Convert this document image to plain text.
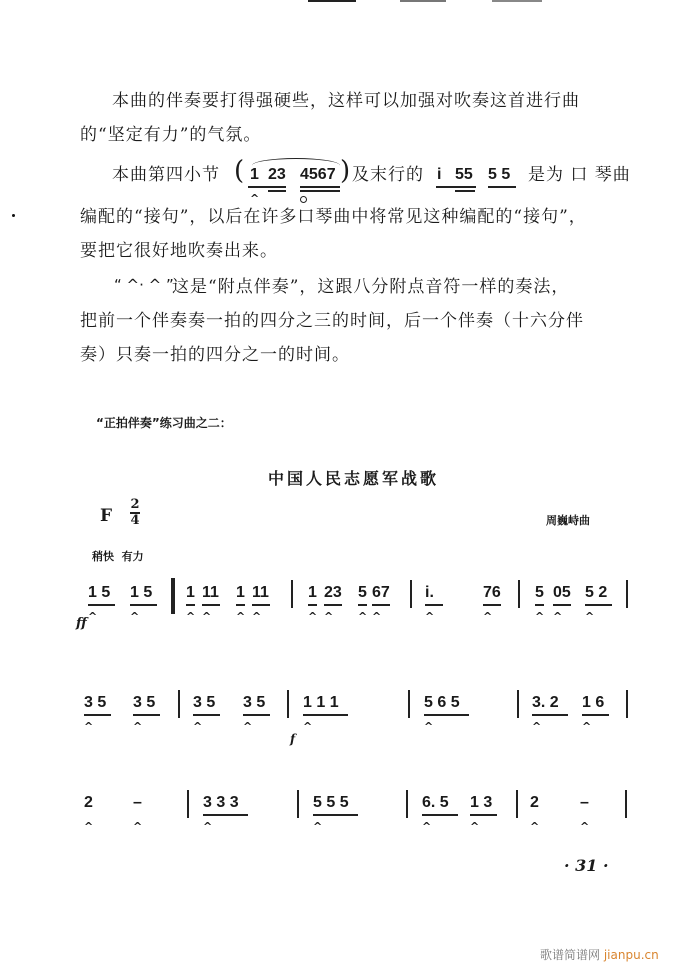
本曲的伴奏要打得强硬些，这样可以加强对吹奏这首进行曲
的“坚定有力”的气氛。
本曲第四小节 ( 1 23 4567
^
) 及末行的 i 55 5 5 是为 口 琴曲
编配的“接句”，以后在许多口琴曲中将常见这种编配的“接句”，
要把它很好地吹奏出来。
“ ^· ^ ”
这是“附点伴奏”，这跟八分附点音符一样的奏法，
把前一个伴奏奏一拍的四分之三的时间，后一个伴奏（十六分伴
奏）只奏一拍的四分之一的时间。
“正拍伴奏”练习曲之二：
中国人民志愿军战歌
F
2
4	周巍峙曲
稍快  有力
1 5
^
1 5
^
1
^
11
^
1
^
11
^
1
^
23
^
5
^
67
^
i.
^
76
^
5
^
05
^
5 2
^
ff
3 5
^
3 5
^
3 5
^
3 5
^
1 1 1
^
5 6 5
^
3. 2
^
1 6
^
f
2
^
–
^
3 3 3
^
5 5 5
^
6. 5
^
1 3
^
2
^
–
^
· 31 ·
歌谱简谱网 jianpu.cn
